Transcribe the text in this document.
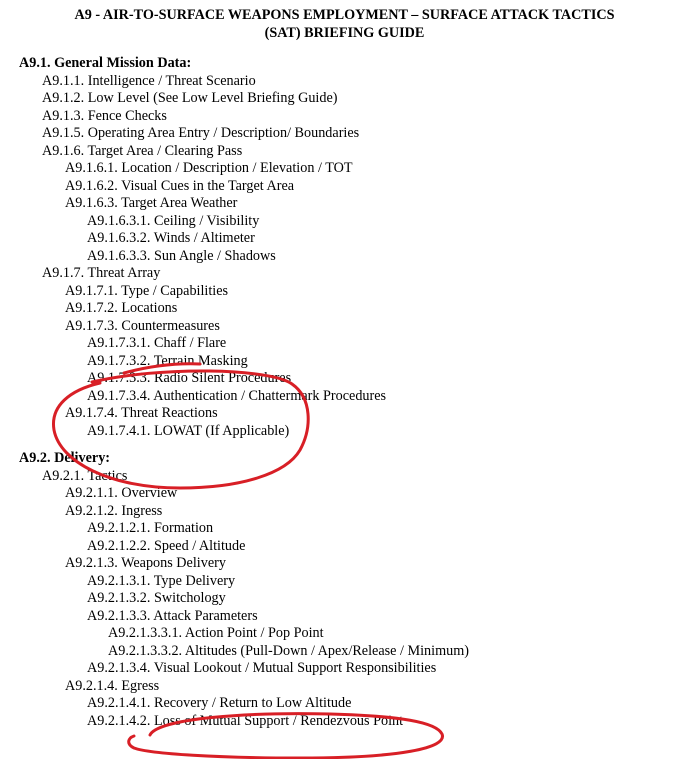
A9 - AIR-TO-SURFACE WEAPONS EMPLOYMENT – SURFACE ATTACK TACTICS
(SAT) BRIEFING GUIDE
A9.1. General Mission Data:
A9.1.1. Intelligence / Threat Scenario
A9.1.2. Low Level (See Low Level Briefing Guide)
A9.1.3. Fence Checks
A9.1.5. Operating Area Entry / Description/ Boundaries
A9.1.6. Target Area / Clearing Pass
A9.1.6.1. Location / Description / Elevation / TOT
A9.1.6.2. Visual Cues in the Target Area
A9.1.6.3. Target Area Weather
A9.1.6.3.1. Ceiling / Visibility
A9.1.6.3.2. Winds / Altimeter
A9.1.6.3.3. Sun Angle / Shadows
A9.1.7. Threat Array
A9.1.7.1. Type / Capabilities
A9.1.7.2. Locations
A9.1.7.3. Countermeasures
A9.1.7.3.1. Chaff / Flare
A9.1.7.3.2. Terrain Masking
A9.1.7.3.3. Radio Silent Procedures
A9.1.7.3.4. Authentication / Chattermark Procedures
A9.1.7.4. Threat Reactions
A9.1.7.4.1. LOWAT (If Applicable)
A9.2. Delivery:
A9.2.1. Tactics
A9.2.1.1. Overview
A9.2.1.2. Ingress
A9.2.1.2.1. Formation
A9.2.1.2.2. Speed / Altitude
A9.2.1.3. Weapons Delivery
A9.2.1.3.1. Type Delivery
A9.2.1.3.2. Switchology
A9.2.1.3.3. Attack Parameters
A9.2.1.3.3.1. Action Point / Pop Point
A9.2.1.3.3.2. Altitudes (Pull-Down / Apex/Release / Minimum)
A9.2.1.3.4. Visual Lookout / Mutual Support Responsibilities
A9.2.1.4. Egress
A9.2.1.4.1. Recovery / Return to Low Altitude
A9.2.1.4.2. Loss of Mutual Support / Rendezvous Point
